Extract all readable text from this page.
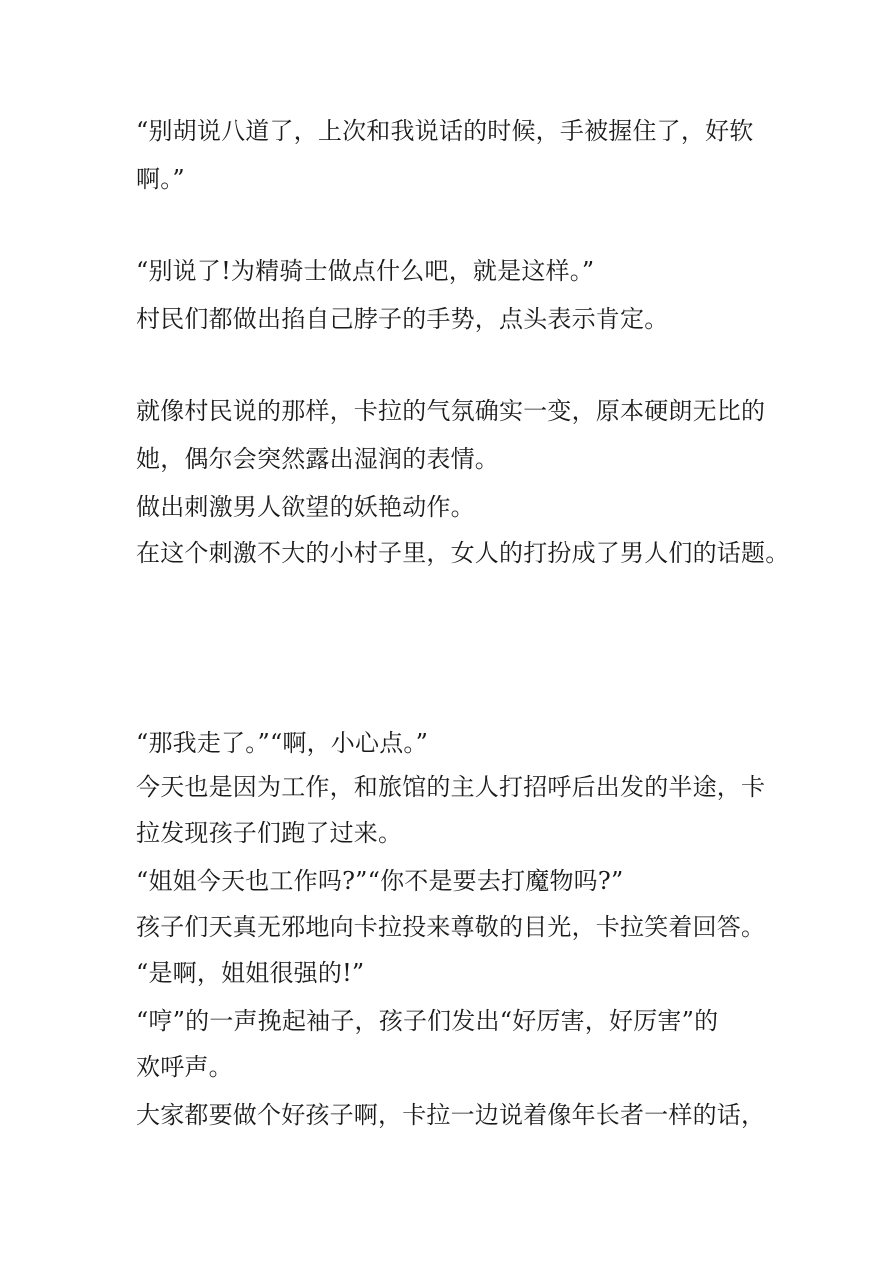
“别胡说八道了，上次和我说话的时候，手被握住了，好软
啊。”
“别说了!为精骑士做点什么吧，就是这样。”
村民们都做出掐自己脖子的手势，点头表示肯定。
就像村民说的那样，卡拉的气氛确实一变，原本硬朗无比的
她，偶尔会突然露出湿润的表情。
做出刺激男人欲望的妖艳动作。
在这个刺激不大的小村子里，女人的打扮成了男人们的话题。
“那我走了。”“啊，小心点。”
今天也是因为工作，和旅馆的主人打招呼后出发的半途，卡
拉发现孩子们跑了过来。
“姐姐今天也工作吗?”“你不是要去打魔物吗?”
孩子们天真无邪地向卡拉投来尊敬的目光，卡拉笑着回答。
“是啊，姐姐很强的!”
“哼”的一声挽起袖子，孩子们发出“好厉害，好厉害”的
欢呼声。
大家都要做个好孩子啊，卡拉一边说着像年长者一样的话，
